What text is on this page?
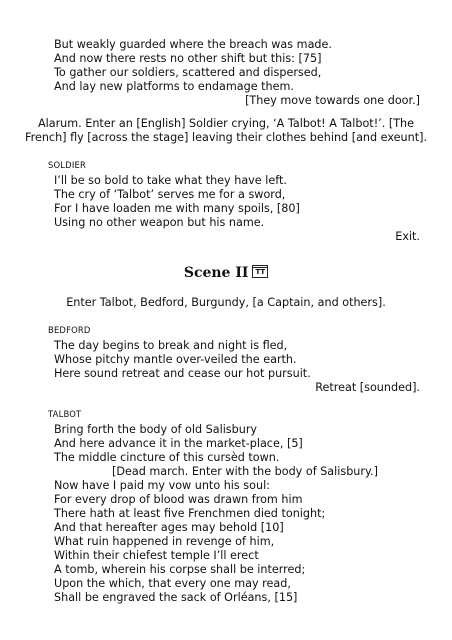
But weakly guarded where the breach was made.
And now there rests no other shift but this: [75]
To gather our soldiers, scattered and dispersed,
And lay new platforms to endamage them.
[They move towards one door.]
Alarum. Enter an [English] Soldier crying, ‘A Talbot! A Talbot!’. [The
French] fly [across the stage] leaving their clothes behind [and exeunt].
SOLDIER
I’ll be so bold to take what they have left.
The cry of ‘Talbot’ serves me for a sword,
For I have loaden me with many spoils, [80]
Using no other weapon but his name.
Exit.
Scene II TT
Enter Talbot, Bedford, Burgundy, [a Captain, and others].
BEDFORD
The day begins to break and night is fled,
Whose pitchy mantle over-veiled the earth.
Here sound retreat and cease our hot pursuit.
Retreat [sounded].
TALBOT
Bring forth the body of old Salisbury
And here advance it in the market-place, [5]
The middle cincture of this cursèd town.
[Dead march. Enter with the body of Salisbury.]
Now have I paid my vow unto his soul:
For every drop of blood was drawn from him
There hath at least five Frenchmen died tonight;
And that hereafter ages may behold [10]
What ruin happened in revenge of him,
Within their chiefest temple I’ll erect
A tomb, wherein his corpse shall be interred;
Upon the which, that every one may read,
Shall be engraved the sack of Orléans, [15]
